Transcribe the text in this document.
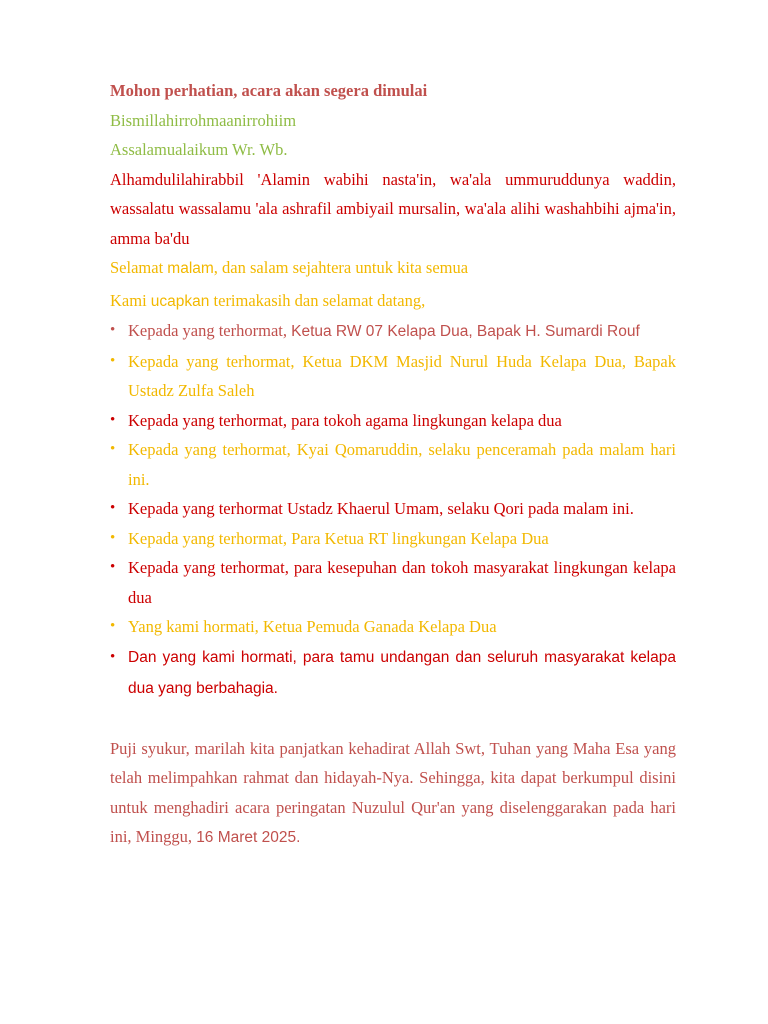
Mohon perhatian, acara akan segera dimulai

Bismillahirrohmaanirrohiim

Assalamualaikum Wr. Wb.

Alhamdulilahirabbil 'Alamin wabihi nasta'in, wa'ala ummuruddunya waddin, wassalatu wassalamu 'ala ashrafil ambiyail mursalin, wa'ala alihi washahbihi ajma'in, amma ba'du

Selamat malam, dan salam sejahtera untuk kita semua

Kami ucapkan terimakasih dan selamat datang,

• Kepada yang terhormat, Ketua RW 07 Kelapa Dua, Bapak H. Sumardi Rouf
• Kepada yang terhormat, Ketua DKM Masjid Nurul Huda Kelapa Dua, Bapak Ustadz Zulfa Saleh
• Kepada yang terhormat, para tokoh agama lingkungan kelapa dua
• Kepada yang terhormat, Kyai Qomaruddin, selaku penceramah pada malam hari ini.
• Kepada yang terhormat Ustadz Khaerul Umam, selaku Qori pada malam ini.
• Kepada yang terhormat, Para Ketua RT lingkungan Kelapa Dua
• Kepada yang terhormat, para kesepuhan dan tokoh masyarakat lingkungan kelapa dua
• Yang kami hormati, Ketua Pemuda Ganada Kelapa Dua
• Dan yang kami hormati, para tamu undangan dan seluruh masyarakat kelapa dua yang berbahagia.

Puji syukur, marilah kita panjatkan kehadirat Allah Swt, Tuhan yang Maha Esa yang telah melimpahkan rahmat dan hidayah-Nya. Sehingga, kita dapat berkumpul disini untuk menghadiri acara peringatan Nuzulul Qur'an yang diselenggarakan pada hari ini, Minggu, 16 Maret 2025.
